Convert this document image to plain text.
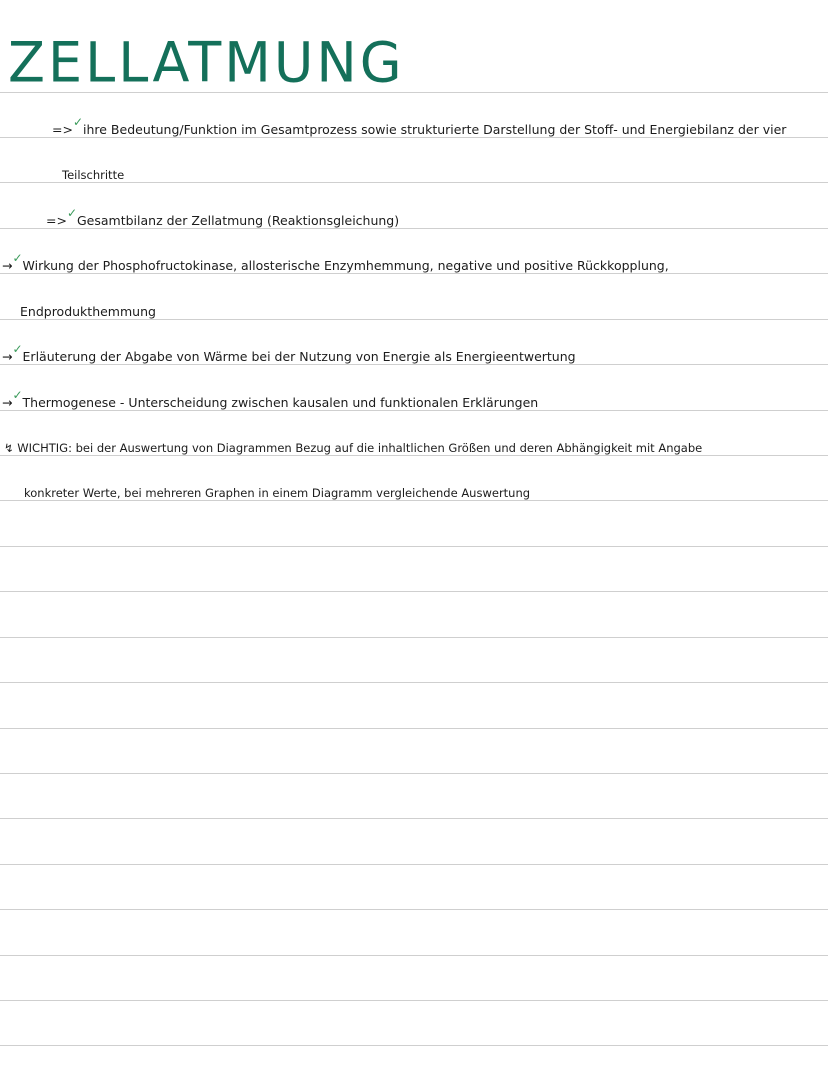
ZELLATMUNG
=>✓ ihre Bedeutung/Funktion im Gesamtprozess sowie strukturierte Darstellung der Stoff- und Energiebilanz der vier
Teilschritte
=>✓ Gesamtbilanz der Zellatmung (Reaktionsgleichung)
→✓ Wirkung der Phosphofructokinase, allosterische Enzymhemmung, negative und positive Rückkopplung,
Endprodukthemmung
→✓ Erläuterung der Abgabe von Wärme bei der Nutzung von Energie als Energieentwertung
→✓ Thermogenese - Unterscheidung zwischen kausalen und funktionalen Erklärungen
↯ WICHTIG: bei der Auswertung von Diagrammen Bezug auf die inhaltlichen Größen und deren Abhängigkeit mit Angabe
konkreter Werte, bei mehreren Graphen in einem Diagramm vergleichende Auswertung
